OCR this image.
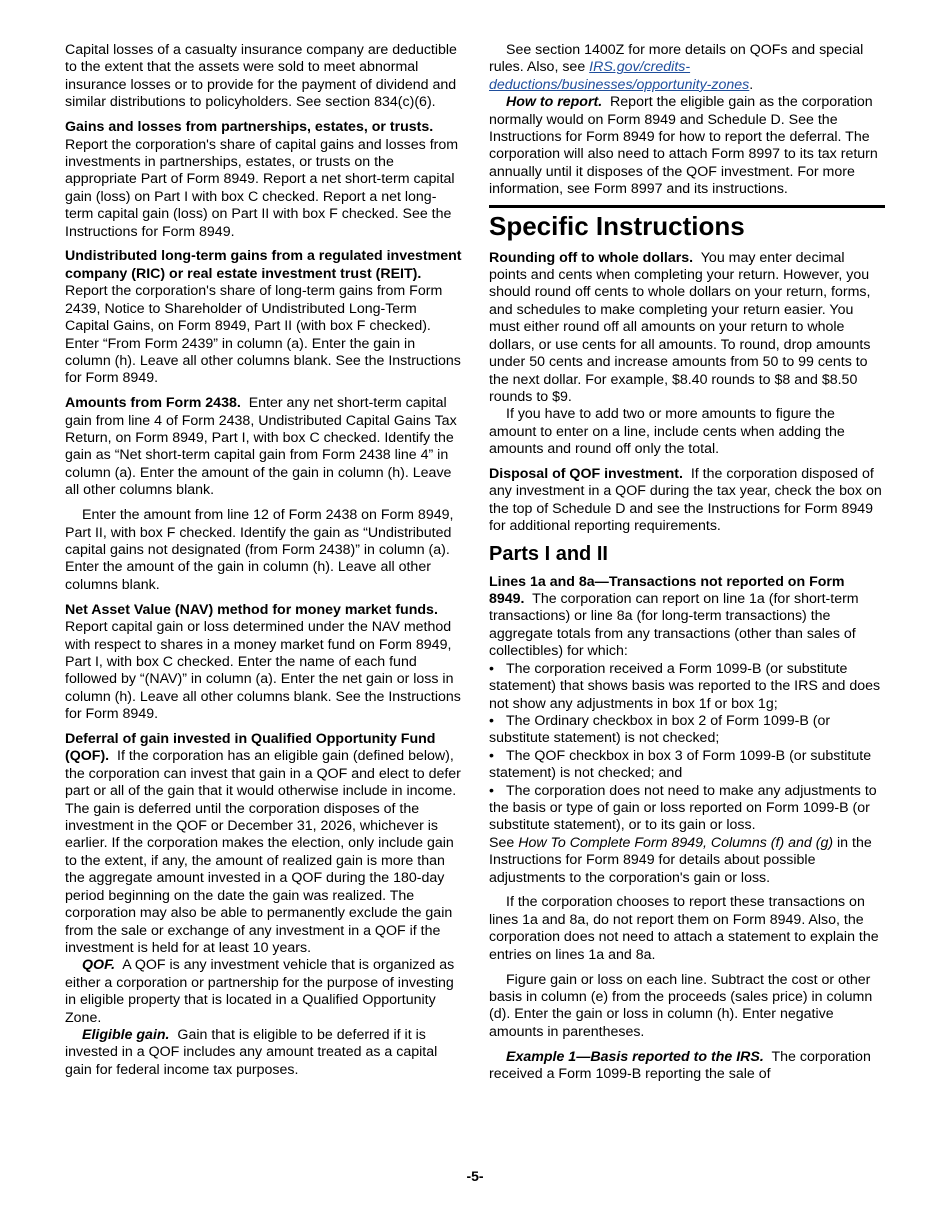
Capital losses of a casualty insurance company are deductible to the extent that the assets were sold to meet abnormal insurance losses or to provide for the payment of dividend and similar distributions to policyholders. See section 834(c)(6).

Gains and losses from partnerships, estates, or trusts.  Report the corporation's share of capital gains and losses from investments in partnerships, estates, or trusts on the appropriate Part of Form 8949. Report a net short-term capital gain (loss) on Part I with box C checked. Report a net long-term capital gain (loss) on Part II with box F checked. See the Instructions for Form 8949.

Undistributed long-term gains from a regulated investment company (RIC) or real estate investment trust (REIT).  Report the corporation's share of long-term gains from Form 2439, Notice to Shareholder of Undistributed Long-Term Capital Gains, on Form 8949, Part II (with box F checked). Enter “From Form 2439” in column (a). Enter the gain in column (h). Leave all other columns blank. See the Instructions for Form 8949.

Amounts from Form 2438. Enter any net short-term capital gain from line 4 of Form 2438, Undistributed Capital Gains Tax Return, on Form 8949, Part I, with box C checked. Identify the gain as “Net short-term capital gain from Form 2438 line 4” in column (a). Enter the amount of the gain in column (h). Leave all other columns blank.

Enter the amount from line 12 of Form 2438 on Form 8949, Part II, with box F checked. Identify the gain as “Undistributed capital gains not designated (from Form 2438)” in column (a). Enter the amount of the gain in column (h). Leave all other columns blank.

Net Asset Value (NAV) method for money market funds.  Report capital gain or loss determined under the NAV method with respect to shares in a money market fund on Form 8949, Part I, with box C checked. Enter the name of each fund followed by “(NAV)” in column (a). Enter the net gain or loss in column (h). Leave all other columns blank. See the Instructions for Form 8949.

Deferral of gain invested in Qualified Opportunity Fund (QOF). If the corporation has an eligible gain (defined below), the corporation can invest that gain in a QOF and elect to defer part or all of the gain that it would otherwise include in income. The gain is deferred until the corporation disposes of the investment in the QOF or December 31, 2026, whichever is earlier. If the corporation makes the election, only include gain to the extent, if any, the amount of realized gain is more than the aggregate amount invested in a QOF during the 180-day period beginning on the date the gain was realized. The corporation may also be able to permanently exclude the gain from the sale or exchange of any investment in a QOF if the investment is held for at least 10 years.

QOF. A QOF is any investment vehicle that is organized as either a corporation or partnership for the purpose of investing in eligible property that is located in a Qualified Opportunity Zone.

Eligible gain. Gain that is eligible to be deferred if it is invested in a QOF includes any amount treated as a capital gain for federal income tax purposes.

See section 1400Z for more details on QOFs and special rules. Also, see IRS.gov/credits-deductions/businesses/opportunity-zones.

How to report. Report the eligible gain as the corporation normally would on Form 8949 and Schedule D. See the Instructions for Form 8949 for how to report the deferral. The corporation will also need to attach Form 8997 to its tax return annually until it disposes of the QOF investment. For more information, see Form 8997 and its instructions.

Specific Instructions

Rounding off to whole dollars. You may enter decimal points and cents when completing your return. However, you should round off cents to whole dollars on your return, forms, and schedules to make completing your return easier. You must either round off all amounts on your return to whole dollars, or use cents for all amounts. To round, drop amounts under 50 cents and increase amounts from 50 to 99 cents to the next dollar. For example, $8.40 rounds to $8 and $8.50 rounds to $9.

If you have to add two or more amounts to figure the amount to enter on a line, include cents when adding the amounts and round off only the total.

Disposal of QOF investment. If the corporation disposed of any investment in a QOF during the tax year, check the box on the top of Schedule D and see the Instructions for Form 8949 for additional reporting requirements.

Parts I and II

Lines 1a and 8a—Transactions not reported on Form 8949. The corporation can report on line 1a (for short-term transactions) or line 8a (for long-term transactions) the aggregate totals from any transactions (other than sales of collectibles) for which:

• The corporation received a Form 1099-B (or substitute statement) that shows basis was reported to the IRS and does not show any adjustments in box 1f or box 1g;

• The Ordinary checkbox in box 2 of Form 1099-B (or substitute statement) is not checked;

• The QOF checkbox in box 3 of Form 1099-B (or substitute statement) is not checked; and

• The corporation does not need to make any adjustments to the basis or type of gain or loss reported on Form 1099-B (or substitute statement), or to its gain or loss.

See How To Complete Form 8949, Columns (f) and (g) in the Instructions for Form 8949 for details about possible adjustments to the corporation's gain or loss.

If the corporation chooses to report these transactions on lines 1a and 8a, do not report them on Form 8949. Also, the corporation does not need to attach a statement to explain the entries on lines 1a and 8a.

Figure gain or loss on each line. Subtract the cost or other basis in column (e) from the proceeds (sales price) in column (d). Enter the gain or loss in column (h). Enter negative amounts in parentheses.

Example 1—Basis reported to the IRS. The corporation received a Form 1099-B reporting the sale of

-5-
